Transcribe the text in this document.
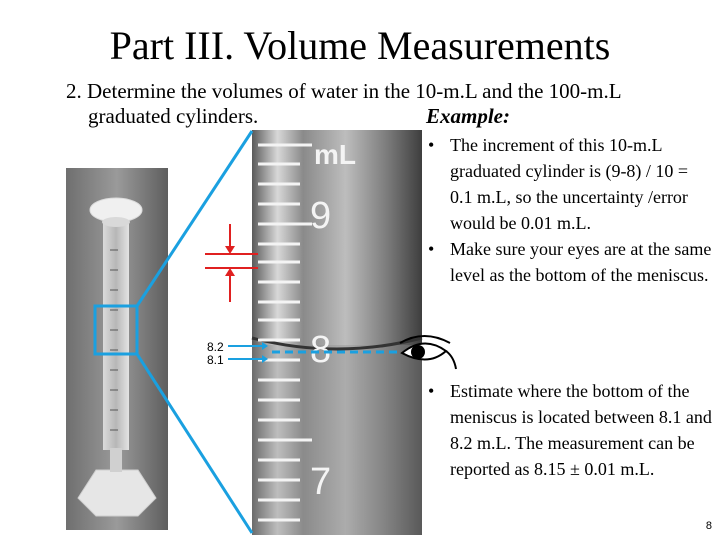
Part III. Volume Measurements
2. Determine the volumes of water in the 10-m.L and the 100-m.L
graduated cylinders.	Example:
mL
9
8
7
8.2
8.1
• The increment of this 10-m.L graduated cylinder is (9-8) / 10 = 0.1 m.L, so the uncertainty /error would be 0.01 m.L.
• Make sure your eyes are at the same level as the bottom of the meniscus.
• Estimate where the bottom of the meniscus is located between 8.1 and 8.2 m.L. The measurement can be reported as 8.15 ± 0.01 m.L.
8
